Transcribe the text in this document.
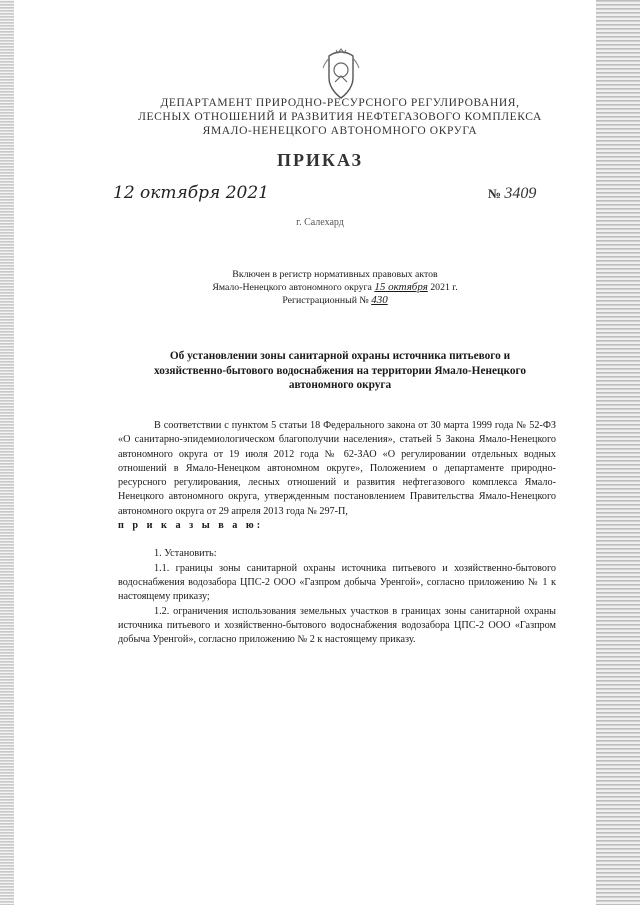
ДЕПАРТАМЕНТ ПРИРОДНО-РЕСУРСНОГО РЕГУЛИРОВАНИЯ,
ЛЕСНЫХ ОТНОШЕНИЙ И РАЗВИТИЯ НЕФТЕГАЗОВОГО КОМПЛЕКСА
ЯМАЛО-НЕНЕЦКОГО АВТОНОМНОГО ОКРУГА
ПРИКАЗ
12 октября 2021	№ 3409
г. Салехард
Включен в регистр нормативных правовых актов
Ямало-Ненецкого автономного округа 15 октября 2021 г.
Регистрационный № 430
Об установлении зоны санитарной охраны источника питьевого и
хозяйственно-бытового водоснабжения на территории Ямало-Ненецкого
автономного округа

В соответствии с пунктом 5 статьи 18 Федерального закона от 30 марта 1999 года № 52-ФЗ «О санитарно-эпидемиологическом благополучии населения», статьей 5 Закона Ямало-Ненецкого автономного округа от 19 июля 2012 года № 62-ЗАО «О регулировании отдельных водных отношений в Ямало-Ненецком автономном округе», Положением о департаменте природно-ресурсного регулирования, лесных отношений и развития нефтегазового комплекса Ямало-Ненецкого автономного округа, утвержденным постановлением Правительства Ямало-Ненецкого автономного округа от 29 апреля 2013 года № 297-П,

п р и к а з ы в а ю:

1. Установить:

1.1. границы зоны санитарной охраны источника питьевого и хозяйственно-бытового водоснабжения водозабора ЦПС-2 ООО «Газпром добыча Уренгой», согласно приложению № 1 к настоящему приказу;

1.2. ограничения использования земельных участков в границах зоны санитарной охраны источника питьевого и хозяйственно-бытового водоснабжения водозабора ЦПС-2 ООО «Газпром добыча Уренгой», согласно приложению № 2 к настоящему приказу.
